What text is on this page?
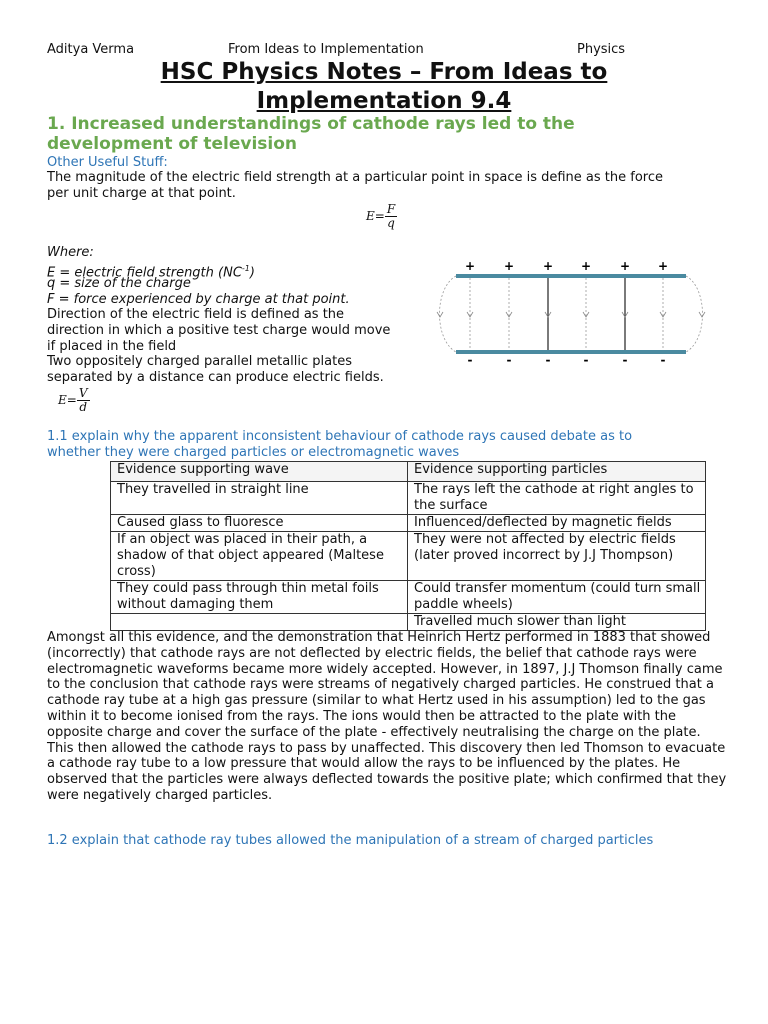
Aditya Verma	From Ideas to Implementation	Physics
HSC Physics Notes – From Ideas to
Implementation 9.4
1. Increased understandings of cathode rays led to the
development of television
Other Useful Stuff:
The magnitude of the electric field strength at a particular point in space is define as the force
per unit charge at that point.
$E= \frac{F}{q}$
Where:
E = electric field strength $(NC^{-1})$
q = size of the charge
F = force experienced by charge at that point.
Direction of the electric field is defined as the
direction in which a positive test charge would move
if placed in the field
Two oppositely charged parallel metallic plates
separated by a distance can produce electric fields.
$E= \frac{V}{d}$
+ + + + + +
-	-	-	-	-	-
1.1 explain why the apparent inconsistent behaviour of cathode rays caused debate as to
whether they were charged particles or electromagnetic waves
Evidence supporting wave	Evidence supporting particles
They travelled in straight line	The rays left the cathode at right angles to the surface
Caused glass to fluoresce	Influenced/deflected by magnetic fields
If an object was placed in their path, a shadow of that object appeared (Maltese cross)	They were not affected by electric fields (later proved incorrect by J.J Thompson)
They could pass through thin metal foils without damaging them	Could transfer momentum (could turn small paddle wheels)
	Travelled much slower than light
Amongst all this evidence, and the demonstration that Heinrich Hertz performed in 1883 that showed (incorrectly) that cathode rays are not deflected by electric fields, the belief that cathode rays were electromagnetic waveforms became more widely accepted. However, in 1897, J.J Thomson finally came to the conclusion that cathode rays were streams of negatively charged particles. He construed that a cathode ray tube at a high gas pressure (similar to what Hertz used in his assumption) led to the gas within it to become ionised from the rays. The ions would then be attracted to the plate with the opposite charge and cover the surface of the plate - effectively neutralising the charge on the plate. This then allowed the cathode rays to pass by unaffected. This discovery then led Thomson to evacuate a cathode ray tube to a low pressure that would allow the rays to be influenced by the plates. He observed that the particles were always deflected towards the positive plate; which confirmed that they were negatively charged particles.
1.2 explain that cathode ray tubes allowed the manipulation of a stream of charged particles
